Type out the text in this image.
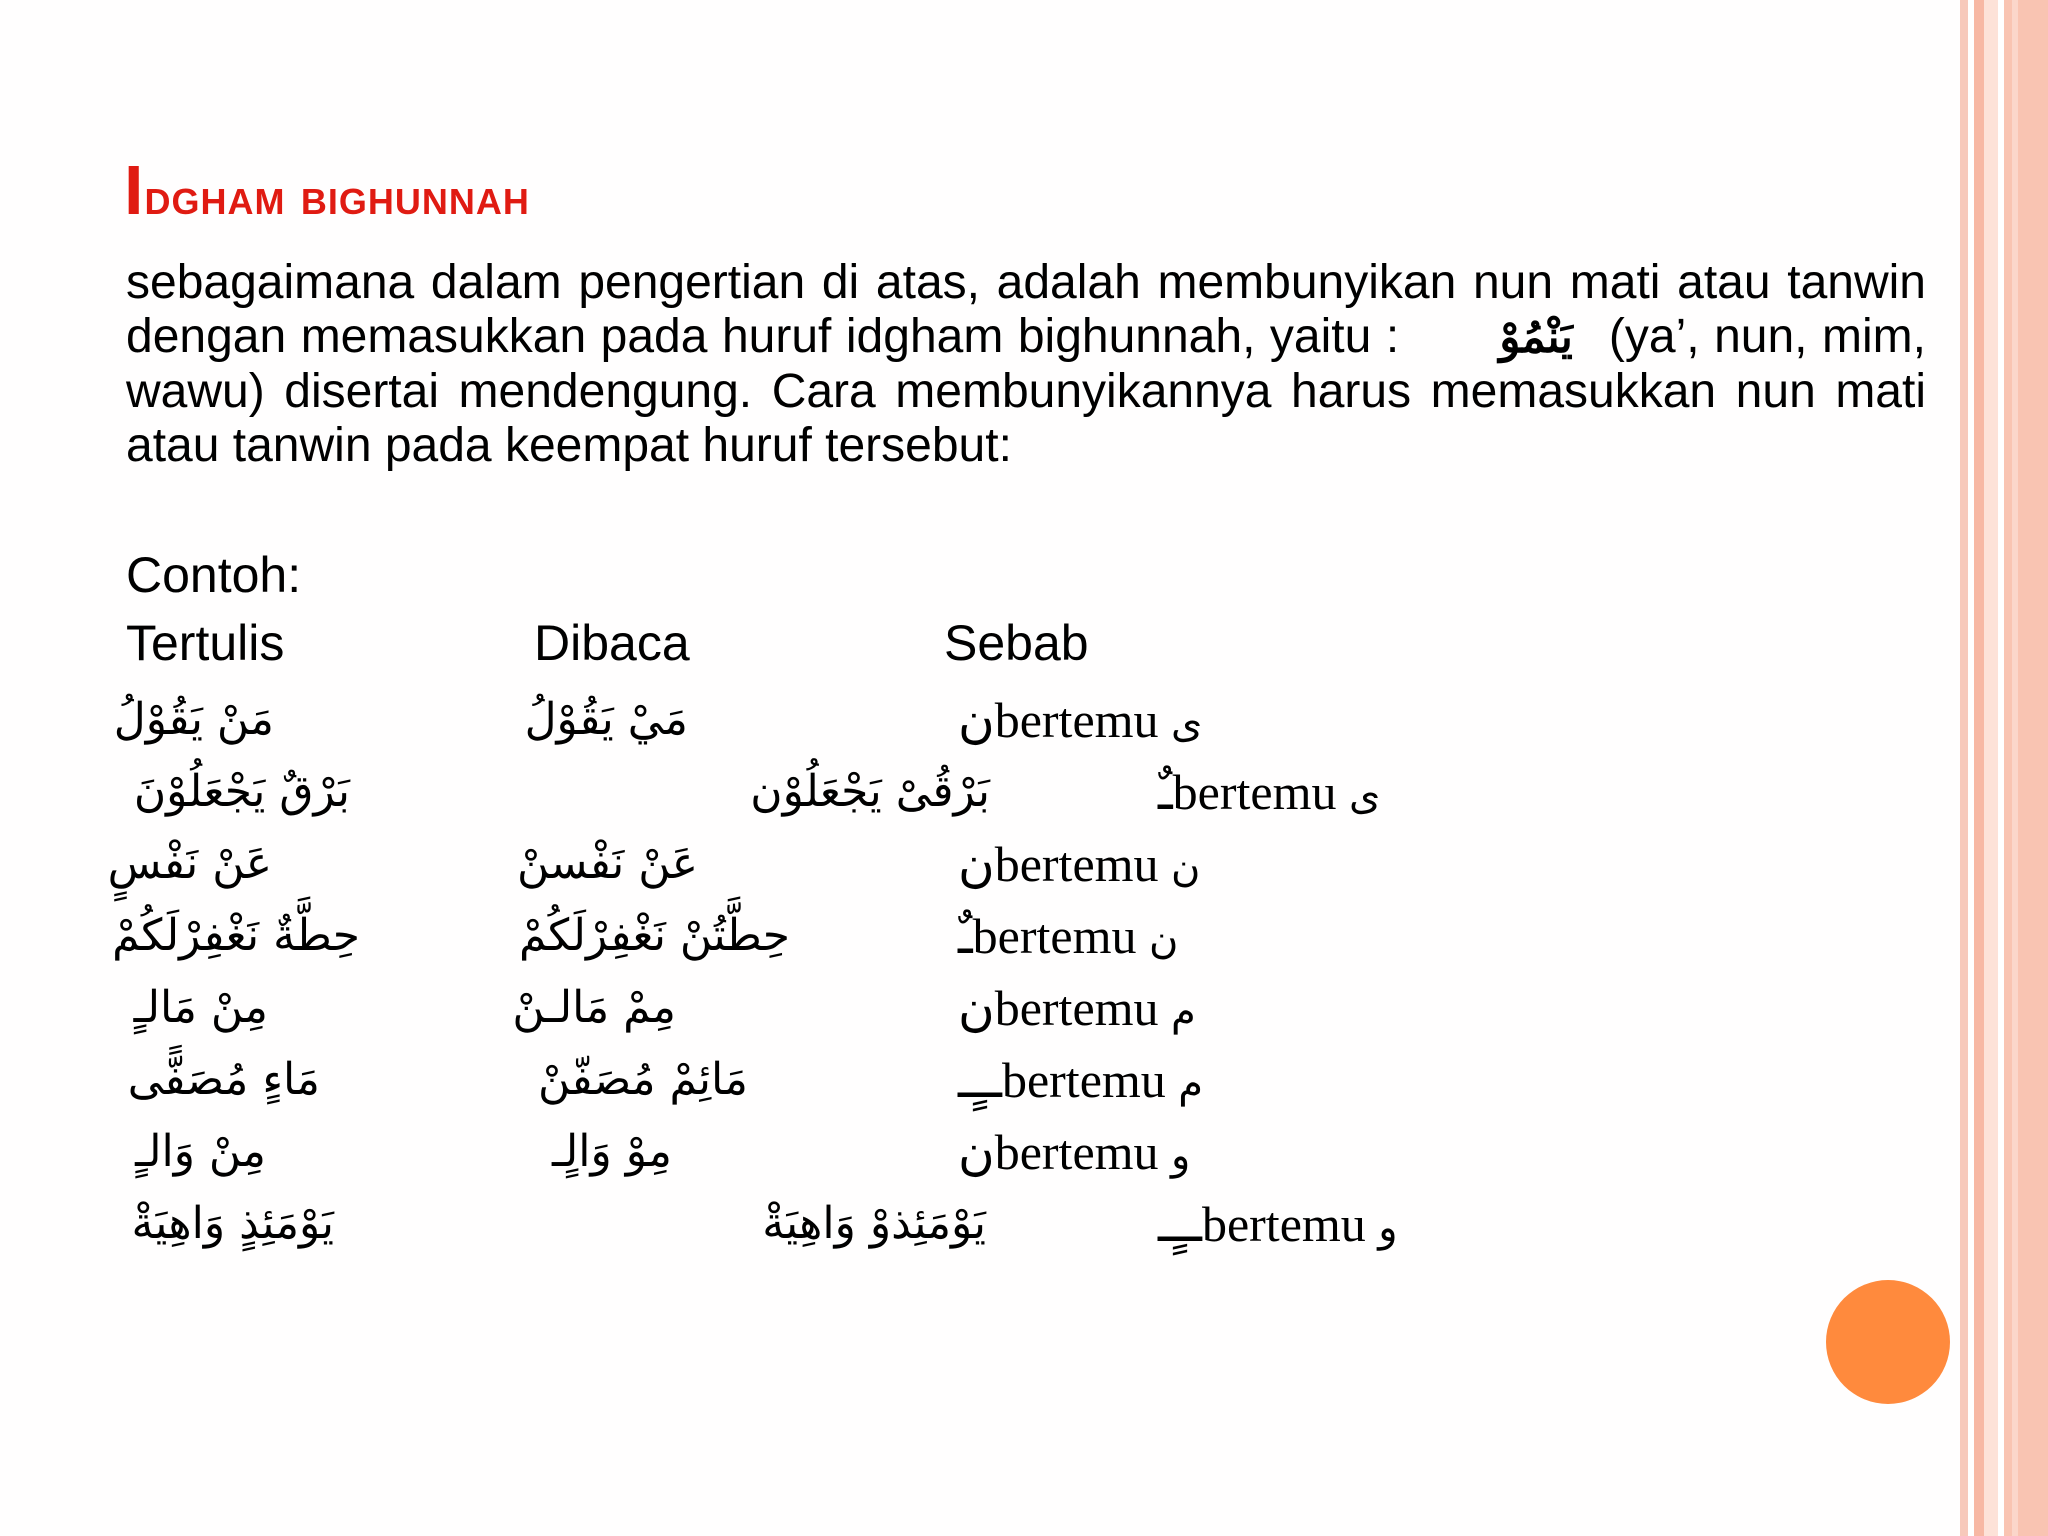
Idgham bighunnah

sebagaimana dalam pengertian di atas, adalah membunyikan nun mati atau tanwin dengan memasukkan pada huruf idgham bighunnah, yaitu : يَنْمُوْ (ya’, nun, mim, wawu) disertai mendengung. Cara membunyikannya harus memasukkan nun mati atau tanwin pada keempat huruf tersebut:

Contoh:

Tertulis	Dibaca	Sebab
مَنْ يَقُوْلُ	مَيْ يَقُوْلُ	نbertemu ى
بَرْقٌ يَجْعَلُوْنَ	بَرْقُىْ يَجْعَلُوْن	ـٌbertemu ى
عَنْ نَفْسٍ	عَنْ نَفْسنْ	نbertemu ن
حِطَّةٌ نَغْفِرْلَكُمْ	حِطَّتُنْ نَغْفِرْلَكُمْ	ـٌbertemu ن
مِنْ مَالـٍ	مِمْ مَالـنْ	نbertemu م
مَاءٍ مُصَفًّى	مَائِمْ مُصَفّنْ	ــٍـbertemu م
مِنْ وَالـٍ	مِوْ وَالٍـ	نbertemu و
يَوْمَئِذٍ وَاهِيَةْ	يَوْمَئِذوْ وَاهِيَةْ	ــٍـbertemu و
